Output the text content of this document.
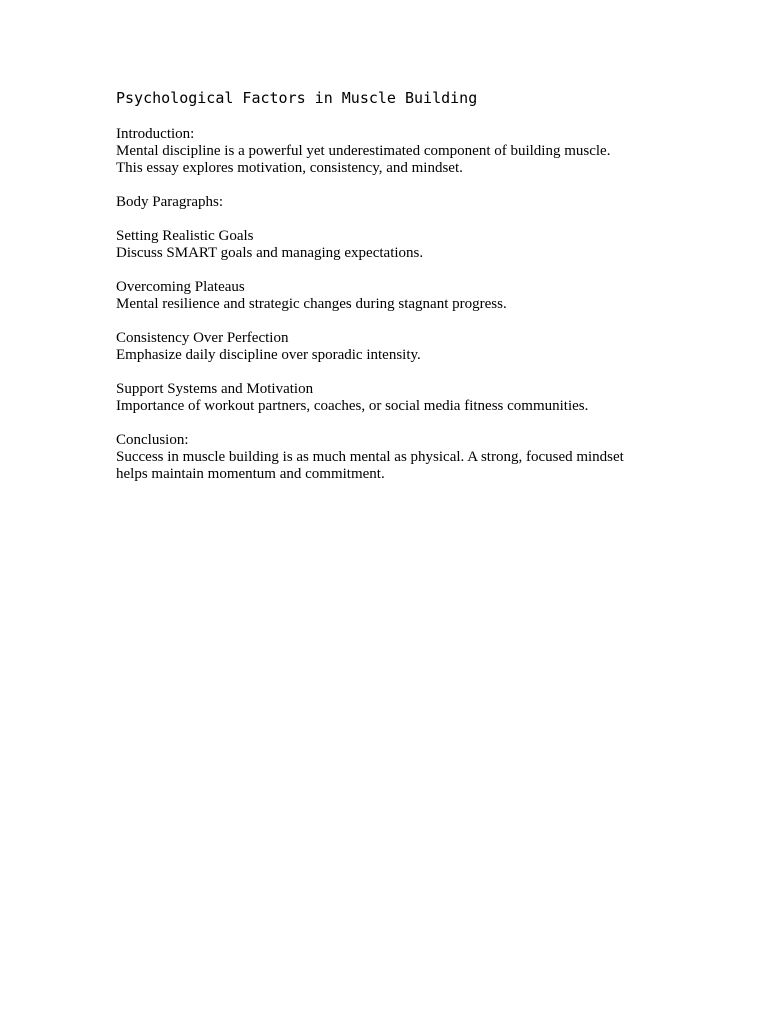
Psychological Factors in Muscle Building

Introduction:

Mental discipline is a powerful yet underestimated component of building muscle.

This essay explores motivation, consistency, and mindset.

Body Paragraphs:

Setting Realistic Goals

Discuss SMART goals and managing expectations.

Overcoming Plateaus

Mental resilience and strategic changes during stagnant progress.

Consistency Over Perfection

Emphasize daily discipline over sporadic intensity.

Support Systems and Motivation

Importance of workout partners, coaches, or social media fitness communities.

Conclusion:

Success in muscle building is as much mental as physical. A strong, focused mindset

helps maintain momentum and commitment.
